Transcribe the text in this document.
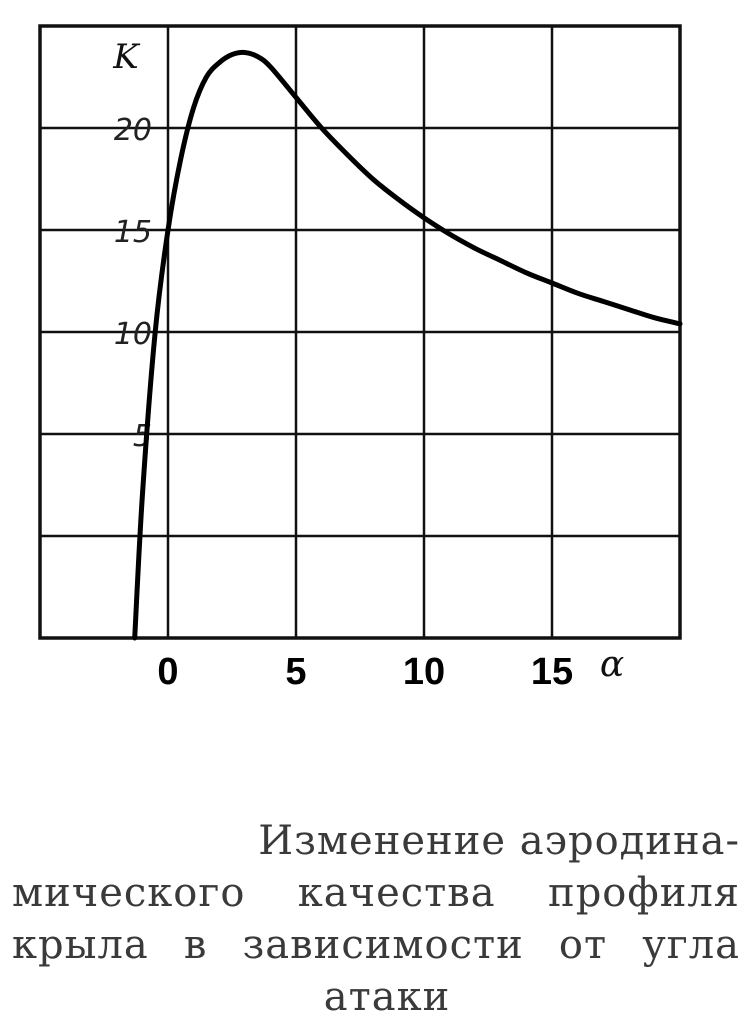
5
10
15
20
0	5	10 15
K
α
Изменение аэродина-
мического качества профиля
крыла в зависимости от угла
атаки
